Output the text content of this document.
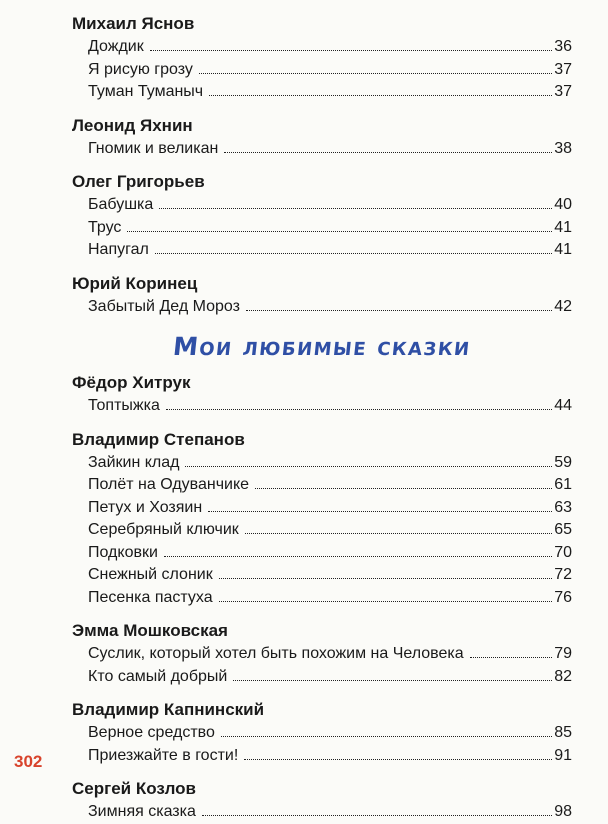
Михаил Яснов
Дождик	36
Я рисую грозу	37
Туман Туманыч	37
Леонид Яхнин
Гномик и великан	38
Олег Григорьев
Бабушка	40
Трус	41
Напугал	41
Юрий Коринец
Забытый Дед Мороз	42
Мои любимые сказки
Фёдор Хитрук
Топтыжка	44
Владимир Степанов
Зайкин клад	59
Полёт на Одуванчике	61
Петух и Хозяин	63
Серебряный ключик	65
Подковки	70
Снежный слоник	72
Песенка пастуха	76
Эмма Мошковская
Суслик, который хотел быть похожим на Человека	79
Кто самый добрый	82
Владимир Капнинский
Верное средство	85
Приезжайте в гости!	91
Сергей Козлов
Зимняя сказка	98
302
